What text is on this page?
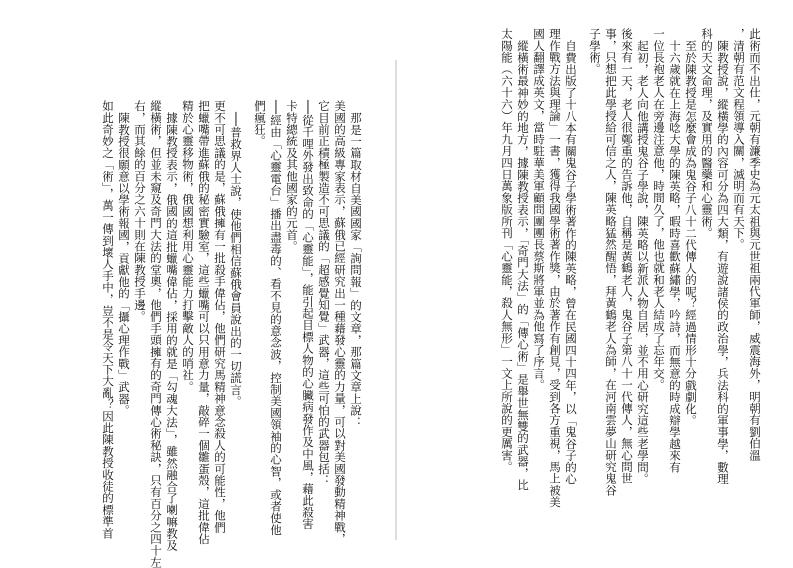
那是一篇取材自美國國家「詢問報」的文章，那篇文章上說：
美國的高級專家表示，蘇俄已經研究出一種藉發心靈的力量，可以對美國發動精神戰，
它目前正積極製造不可思議的「超感覺知覺」武器，這些可怕的武器包括：
──從千哩外發出致命的「心靈能」，能引起目標人物的心臟病發作及中風，藉此殺害
卡特總統及其他國家的元首。
──經由「心靈電台」播出盡毒的、看不見的意念波，控制美國領袖的心智，或者使他
們瘋狂。
──普救界人士說，使他們相信蘇俄會員說出的一切謊言。
更不可思議的是，蘇俄擁有一批殺手偉佔，他們研究馬精神意念殺人的可能性，他們
把蠟嘴帶進蘇俄的秘密實驗室，這些蠟嘴可以只用意力量，敲碎一個雛蛋殼，這批偉佔
精於心靈移物術，俄國想利用心靈能力打擊敵人的哨社。
據陳教授表示，俄國的這批蠟嘴偉佔，採用的就是「勾魂大法」，雖然融合了喇嘛教及
縱橫術，但並未窺及奇門大法的堂奧，他們手頭擁有的奇門傳心術秘訣，只有百分之四十左
右，而其餘的百分之六十則在陳教授手邊。
陳教授很願意以學術報國，貢獻他的「攝心理作戰」武器。
如此奇妙之「術」，萬一傳到壞人手中，豈不是令天下大亂？因此陳教授收徒的標準首	此術而不出仕，元朝有濂季史為元太祖與元世祖兩代軍師，威震海外，明朝有劉伯溫
，清朝有范文程領導入關，滅明而有天下。
陳教授說，縱橫學的內容可分為四大類，有遊說諸侯的政治學，兵法科的軍事學，數理
科的天文命理，及實用的醫藥和心靈術。
至於陳教授是怎麼會成為鬼谷子八十二代傳人的呢？經過情形十分戲劇化。
十六歲就在上海唸大學的陳英略，暇時喜歡蘇繡學，吟詩，而無意的時成辯學越來有
一位長袍老人在旁邊注意他，時間久了，他也就和老人結成了忘年交。
起初，老人向他講授鬼谷子學說，陳英略以新派人物自居，並不用心研究這些老學問。
後來有一天，老人很鄭重的告訴他，自稱是黃鶴老人，鬼谷子第八十一代傳人，無心問世
事，只想把此學授給可信之人，陳英略猛然醒悟，拜黃鶴老人為師，在河南雲夢山研究鬼谷
子學術。
自費出版了十八本有關鬼谷子學術著作的陳英略，曾在民國四十四年，以「鬼谷子的心
理作戰方法與理論」一書，獲得我國學術著作獎，由於著作有創見，受到各方重視，馬上被美
國人翻譯成英文，當時駐華美軍顧問團團長蔡斯將軍並為他寫了序言。
縱橫術最神妙的地方，據陳教授表示，「奇門大法」的「傳心術」是舉世無雙的武器，比
太陽能（六十六）年九月四日萬象版所刊「心靈能，殺人無形」一文上所說的更厲害。
